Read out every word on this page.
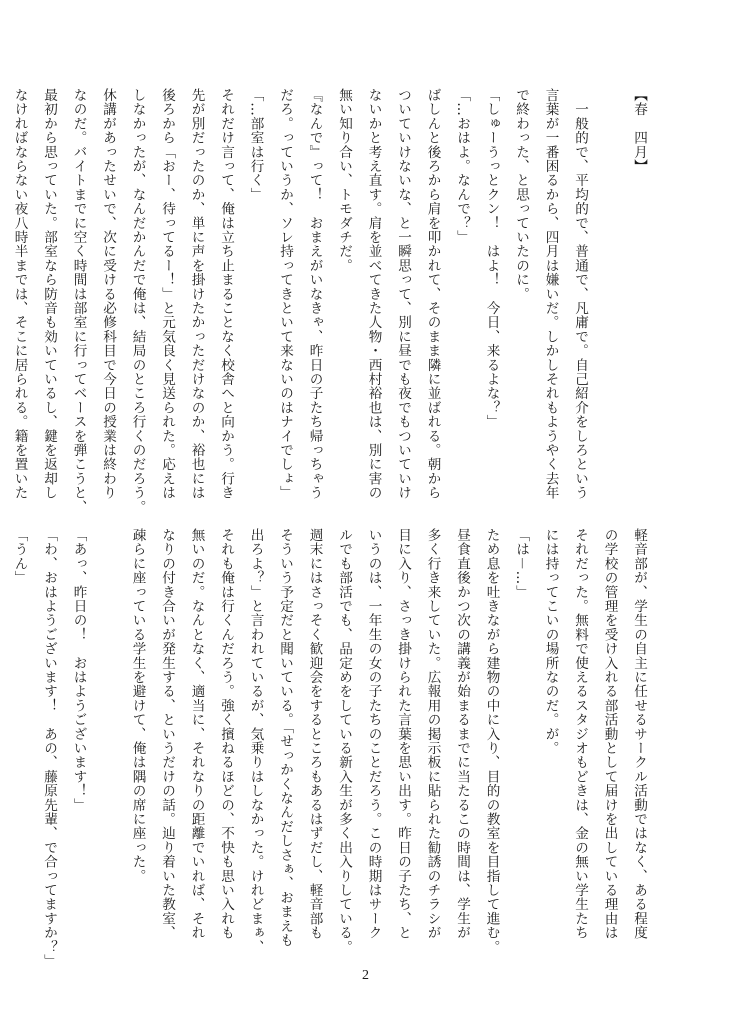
【春　四月】

　一般的で、平均的で、普通で、凡庸で。自己紹介をしろという
言葉が一番困るから、四月は嫌いだ。しかしそれもようやく去年
で終わった、と思っていたのに。
「しゅーうっとクン！　はよ！　今日、来るよな？」
「…おはよ。なんで？」
ばしんと後ろから肩を叩かれて、そのまま隣に並ばれる。朝から
ついていけないな、と一瞬思って、別に昼でも夜でもついていけ
ないかと考え直す。肩を並べてきた人物・西村裕也は、別に害の
無い知り合い、トモダチだ。
『なんで』って！　おまえがいなきゃ、昨日の子たち帰っちゃう
だろ。っていうか、ソレ持ってきといて来ないのはナイでしょ」
「…部室は行く」
それだけ言って、俺は立ち止まることなく校舎へと向かう。行き
先が別だったのか、単に声を掛けたかっただけなのか、裕也には
後ろから「おー、待ってるー！」と元気良く見送られた。応えは
しなかったが、なんだかんだで俺は、結局のところ行くのだろう。
休講があったせいで、次に受ける必修科目で今日の授業は終わり
なのだ。バイトまでに空く時間は部室に行ってベースを弾こうと、
最初から思っていた。部室なら防音も効いているし、鍵を返却し
なければならない夜八時半までは、そこに居られる。籍を置いた
軽音部が、学生の自主に任せるサークル活動ではなく、ある程度
の学校の管理を受け入れる部活動として届けを出している理由は
それだった。無料で使えるスタジオもどきは、金の無い学生たち
には持ってこいの場所なのだ。が。
「は－…」
ため息を吐きながら建物の中に入り、目的の教室を目指して進む。
昼食直後かつ次の講義が始まるまでに当たるこの時間は、学生が
多く行き来していた。広報用の掲示板に貼られた勧誘のチラシが
目に入り、さっき掛けられた言葉を思い出す。昨日の子たち、と
いうのは、一年生の女の子たちのことだろう。この時期はサーク
ルでも部活でも、品定めをしている新入生が多く出入りしている。
週末にはさっそく歓迎会をするところもあるはずだし、軽音部も
そういう予定だと聞いている。「せっかくなんだしさぁ、おまえも
出ろよ？」と言われているが、気乗りはしなかった。けれどまぁ、
それも俺は行くんだろう。強く擯ねるほどの、不快も思い入れも
無いのだ。なんとなく、適当に、それなりの距離でいれば、それ
なりの付き合いが発生する、というだけの話。辿り着いた教室、
疎らに座っている学生を避けて、俺は隅の席に座った。

「あっ、昨日の！　おはようございます！」
「わ、おはようございます！　あの、藤原先輩、で合ってますか？」
「うん」
2
